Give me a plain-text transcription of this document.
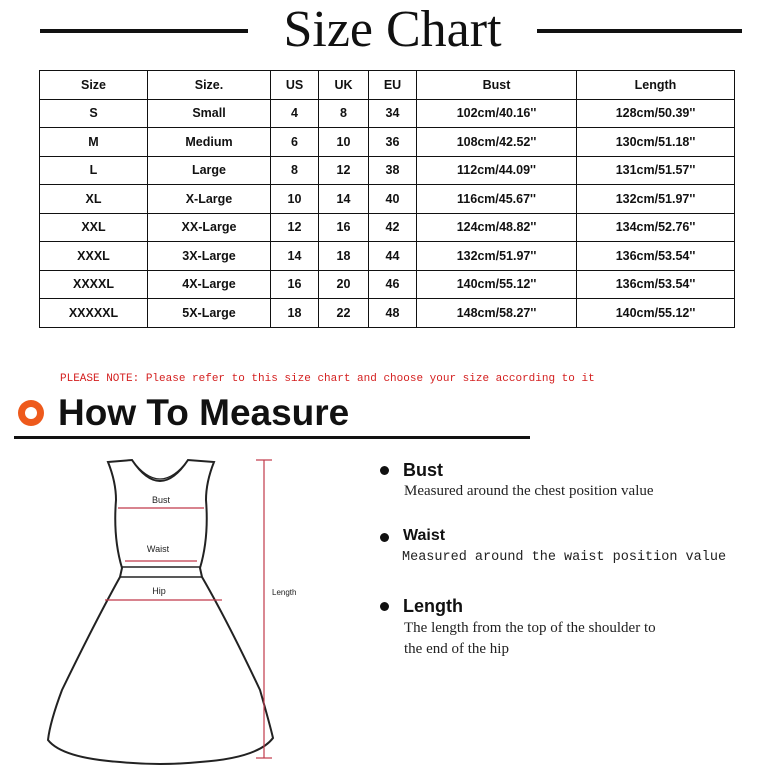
Size Chart
Size	Size.	US	UK	EU	Bust	Length
S	Small	4	8	34	102cm/40.16''	128cm/50.39''
M	Medium	6	10	36	108cm/42.52''	130cm/51.18''
L	Large	8	12	38	112cm/44.09''	131cm/51.57''
XL	X-Large	10	14	40	116cm/45.67''	132cm/51.97''
XXL	XX-Large	12	16	42	124cm/48.82''	134cm/52.76''
XXXL	3X-Large	14	18	44	132cm/51.97''	136cm/53.54''
XXXXL	4X-Large	16	20	46	140cm/55.12''	136cm/53.54''
XXXXXL	5X-Large	18	22	48	148cm/58.27''	140cm/55.12''
PLEASE NOTE: Please refer to this size chart and choose your size according to it
How To Measure
Bust
Waist
Hip	Length
Bust
Measured around the chest position value
Waist
Measured around the waist position value
Length
The length from the top of the shoulder to
the end of the hip
